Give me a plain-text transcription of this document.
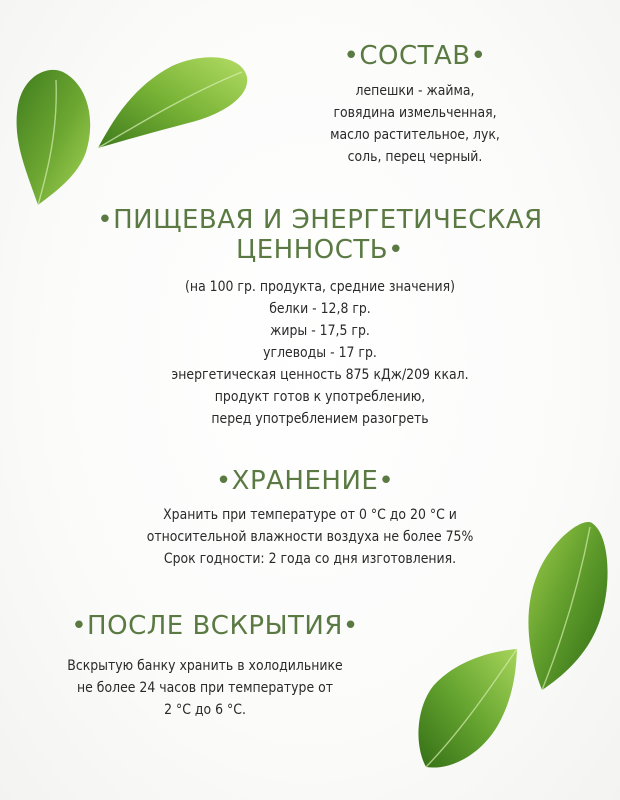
•СОСТАВ•
лепешки - жайма,
говядина измельченная,
масло растительное, лук,
соль, перец черный.
•ПИЩЕВАЯ И ЭНЕРГЕТИЧЕСКАЯ
ЦЕННОСТЬ•
(на 100 гр. продукта, средние значения)
белки - 12,8 гр.
жиры - 17,5 гр.
углеводы - 17 гр.
энергетическая ценность 875 кДж/209 ккал.
продукт готов к употреблению,
перед употреблением разогреть
•ХРАНЕНИЕ•
Хранить при температуре от 0 °С до 20 °С и
относительной влажности воздуха не более 75%
Срок годности: 2 года со дня изготовления.
•ПОСЛЕ ВСКРЫТИЯ•
Вскрытую банку хранить в холодильнике
не более 24 часов при температуре от
2 °С до 6 °С.
